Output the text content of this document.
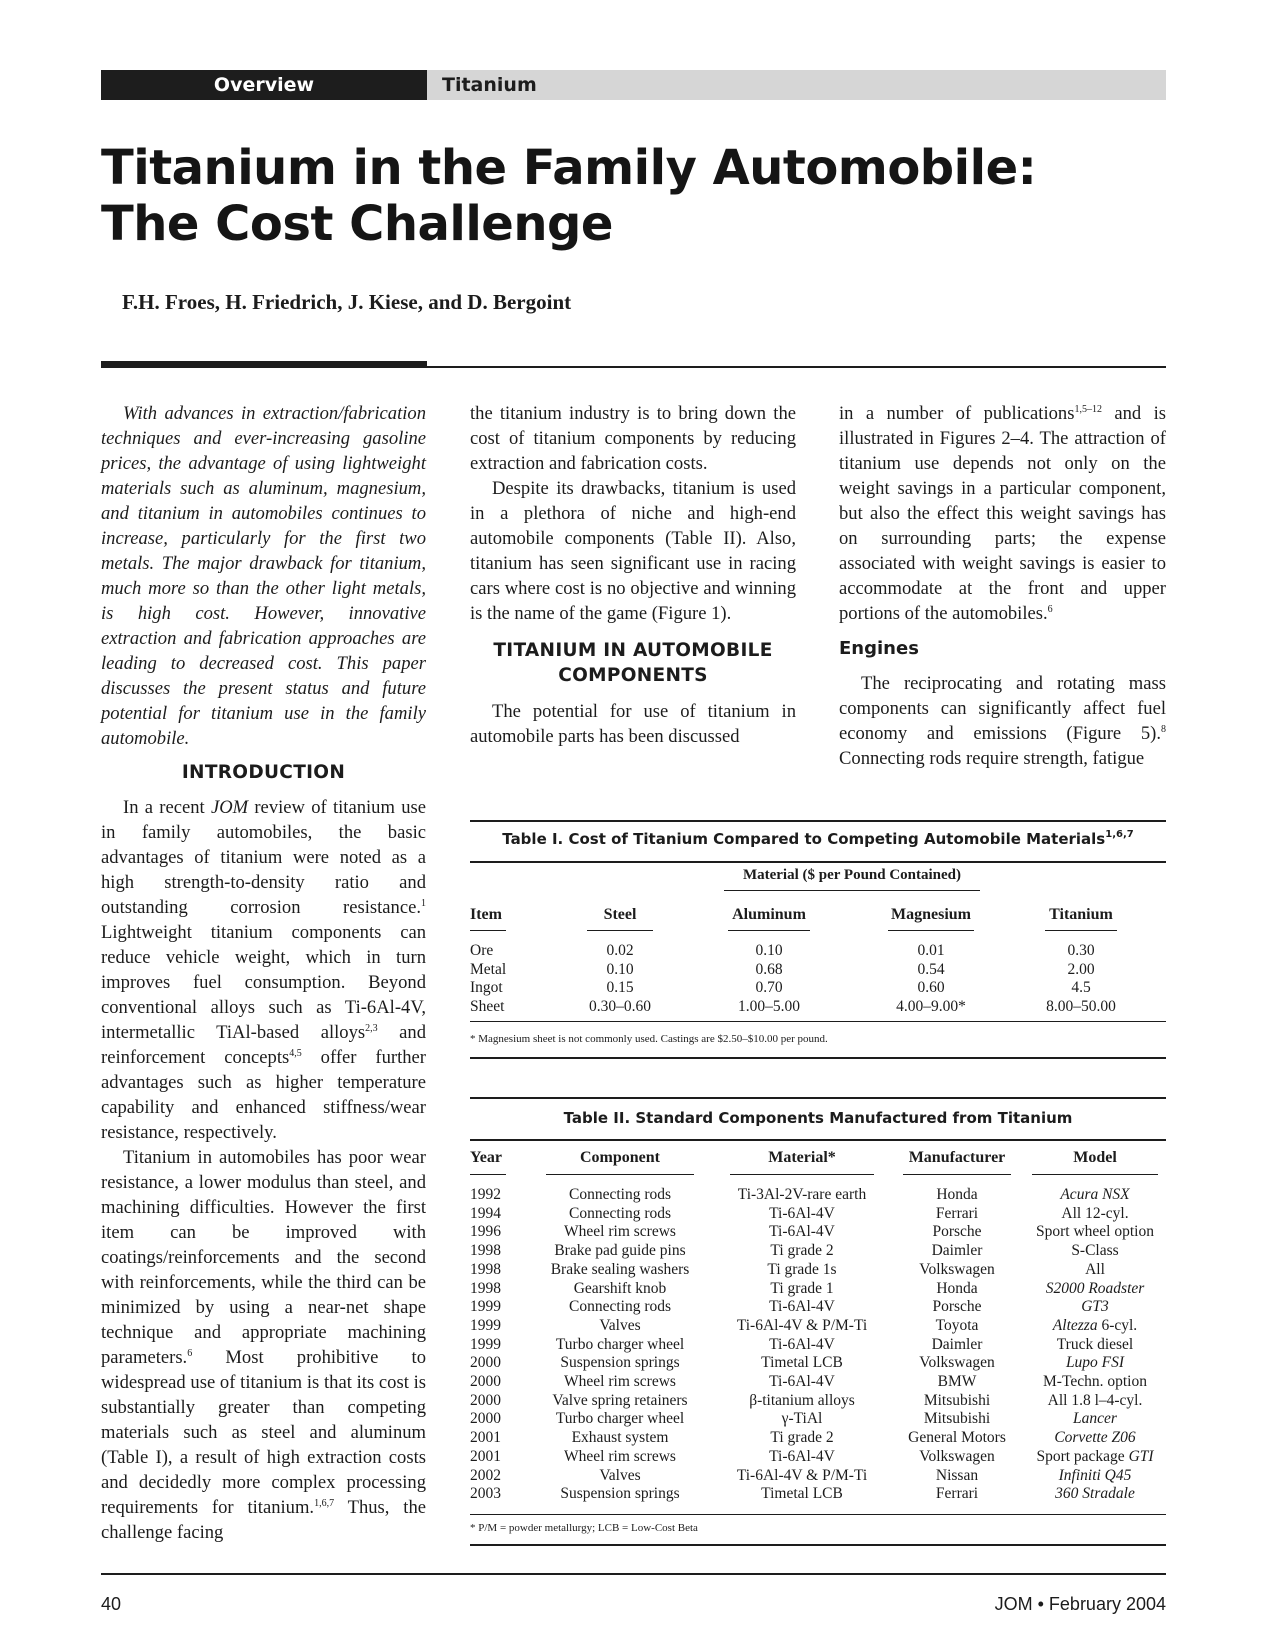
Overview	Titanium
Titanium in the Family Automobile:
The Cost Challenge
F.H. Froes, H. Friedrich, J. Kiese, and D. Bergoint

With advances in extraction/fabrication techniques and ever-increasing gasoline prices, the advantage of using lightweight materials such as aluminum, magnesium, and titanium in automobiles continues to increase, particularly for the first two metals. The major drawback for titanium, much more so than the other light metals, is high cost. However, innovative extraction and fabrication approaches are leading to decreased cost. This paper discusses the present status and future potential for titanium use in the family automobile.

INTRODUCTION

In a recent JOM review of titanium use in family automobiles, the basic advantages of titanium were noted as a high strength-to-density ratio and outstanding corrosion resistance.$^1$ Lightweight titanium components can reduce vehicle weight, which in turn improves fuel consumption. Beyond conventional alloys such as Ti-6Al-4V, intermetallic TiAl-based alloys$^{2,3}$ and reinforcement concepts$^{4,5}$ offer further advantages such as higher temperature capability and enhanced stiffness/wear resistance, respectively.

Titanium in automobiles has poor wear resistance, a lower modulus than steel, and machining difficulties. However the first item can be improved with coatings/reinforcements and the second with reinforcements, while the third can be minimized by using a near-net shape technique and appropriate machining parameters.$^6$ Most prohibitive to widespread use of titanium is that its cost is substantially greater than competing materials such as steel and aluminum (Table I), a result of high extraction costs and decidedly more complex processing requirements for titanium.$^{1,6,7}$ Thus, the challenge facing

the titanium industry is to bring down the cost of titanium components by reducing extraction and fabrication costs.

Despite its drawbacks, titanium is used in a plethora of niche and high-end automobile components (Table II). Also, titanium has seen significant use in racing cars where cost is no objective and winning is the name of the game (Figure 1).

TITANIUM IN AUTOMOBILE COMPONENTS

The potential for use of titanium in automobile parts has been discussed

in a number of publications$^{1,5-12}$ and is illustrated in Figures 2–4. The attraction of titanium use depends not only on the weight savings in a particular component, but also the effect this weight savings has on surrounding parts; the expense associated with weight savings is easier to accommodate at the front and upper portions of the automobiles.$^6$

Engines

The reciprocating and rotating mass components can significantly affect fuel economy and emissions (Figure 5).$^8$ Connecting rods require strength, fatigue

Table I. Cost of Titanium Compared to Competing Automobile Materials$^{1,6,7}$
Material ($ per Pound Contained)
Item	Steel	Aluminum	Magnesium	Titanium
Ore	0.02	0.10	0.01	0.30
Metal	0.10	0.68	0.54	2.00
Ingot	0.15	0.70	0.60	4.5
Sheet	0.30–0.60	1.00–5.00	4.00–9.00*	8.00–50.00
* Magnesium sheet is not commonly used. Castings are $2.50–$10.00 per pound.
Table II. Standard Components Manufactured from Titanium
Year	Component	Material*	Manufacturer	Model
1992	Connecting rods	Ti-3Al-2V-rare earth	Honda	Acura NSX
1994	Connecting rods	Ti-6Al-4V	Ferrari	All 12-cyl.
1996	Wheel rim screws	Ti-6Al-4V	Porsche	Sport wheel option
1998	Brake pad guide pins	Ti grade 2	Daimler	S-Class
1998	Brake sealing washers	Ti grade 1s	Volkswagen	All
1998	Gearshift knob	Ti grade 1	Honda	S2000 Roadster
1999	Connecting rods	Ti-6Al-4V	Porsche	GT3
1999	Valves	Ti-6Al-4V & P/M-Ti	Toyota	Altezza 6-cyl.
1999	Turbo charger wheel	Ti-6Al-4V	Daimler	Truck diesel
2000	Suspension springs	Timetal LCB	Volkswagen	Lupo FSI
2000	Wheel rim screws	Ti-6Al-4V	BMW	M-Techn. option
2000	Valve spring retainers	β-titanium alloys	Mitsubishi	All 1.8 l–4-cyl.
2000	Turbo charger wheel	γ-TiAl	Mitsubishi	Lancer
2001	Exhaust system	Ti grade 2	General Motors	Corvette Z06
2001	Wheel rim screws	Ti-6Al-4V	Volkswagen	Sport package GTI
2002	Valves	Ti-6Al-4V & P/M-Ti	Nissan	Infiniti Q45
2003	Suspension springs	Timetal LCB	Ferrari	360 Stradale
* P/M = powder metallurgy; LCB = Low-Cost Beta
40	JOM • February 2004
